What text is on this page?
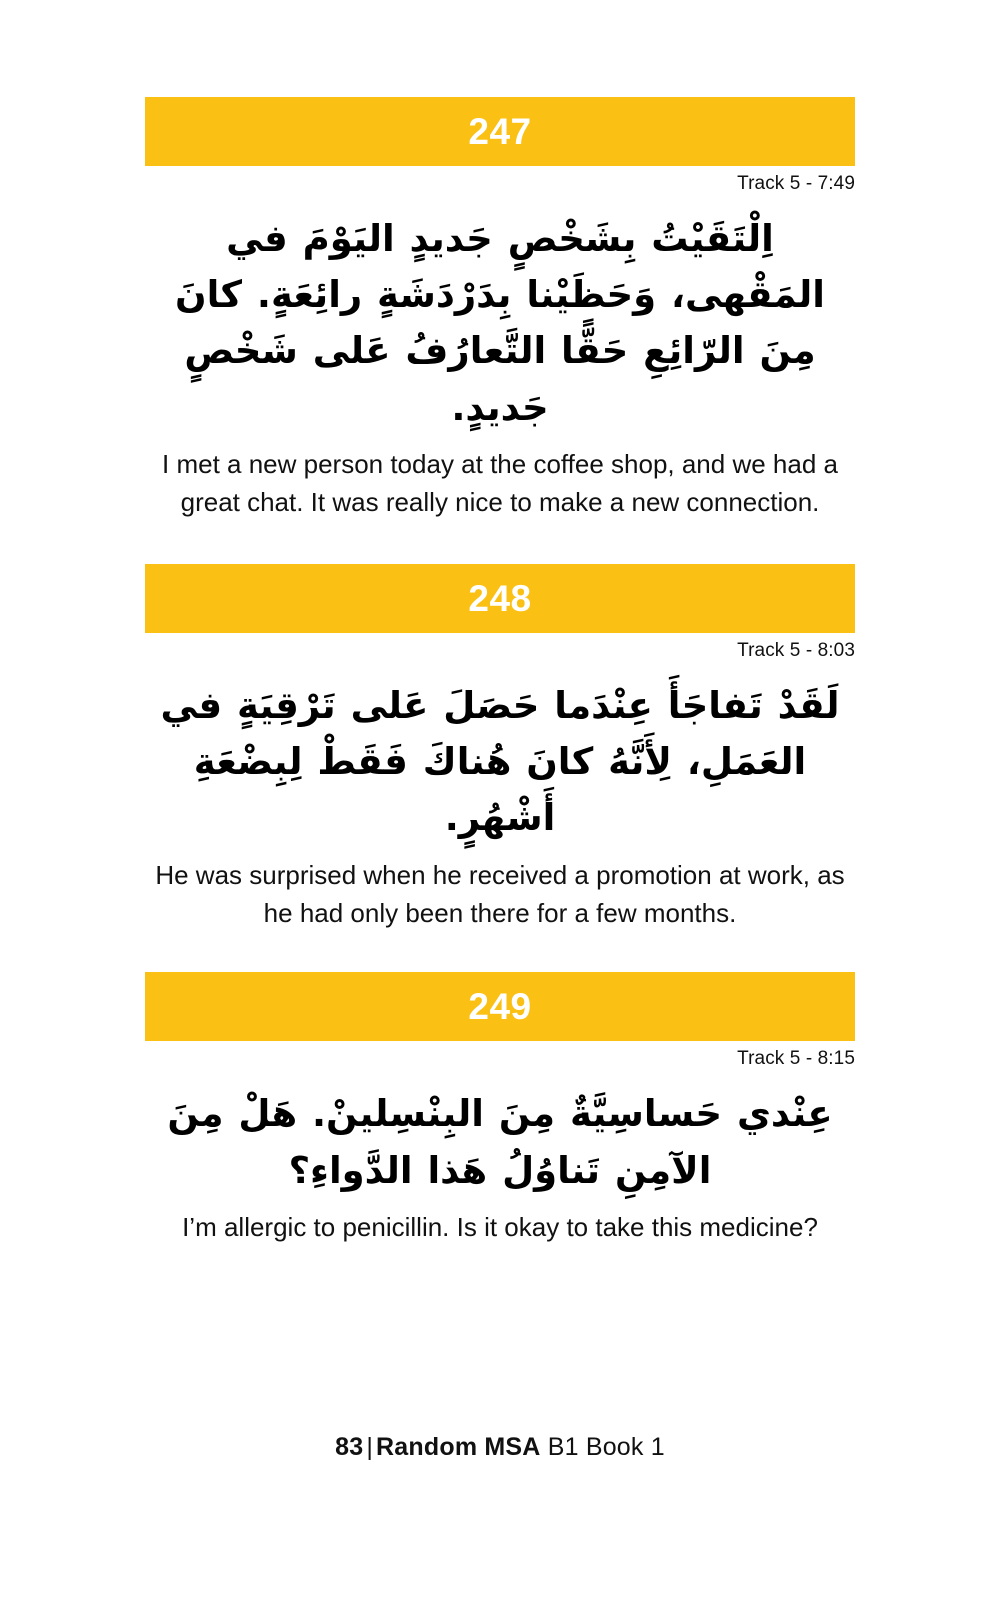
247
Track 5 - 7:49
اِلْتَقَيْتُ بِشَخْصٍ جَديدٍ اليَوْمَ في المَقْهى، وَحَظَيْنا بِدَرْدَشَةٍ رائِعَةٍ. كانَ مِنَ الرّائِعِ حَقًّا التَّعارُفُ عَلى شَخْصٍ جَديدٍ.
I met a new person today at the coffee shop, and we had a great chat. It was really nice to make a new connection.
248
Track 5 - 8:03
لَقَدْ تَفاجَأَ عِنْدَما حَصَلَ عَلى تَرْقِيَةٍ في العَمَلِ، لِأَنَّهُ كانَ هُناكَ فَقَطْ لِبِضْعَةِ أَشْهُرٍ.
He was surprised when he received a promotion at work, as he had only been there for a few months.
249
Track 5 - 8:15
عِنْدي حَساسِيَّةٌ مِنَ البِنْسِلينْ. هَلْ مِنَ الآمِنِ تَناوُلُ هَذا الدَّواءِ؟
I’m allergic to penicillin. Is it okay to take this medicine?
83 | Random MSA B1 Book 1
